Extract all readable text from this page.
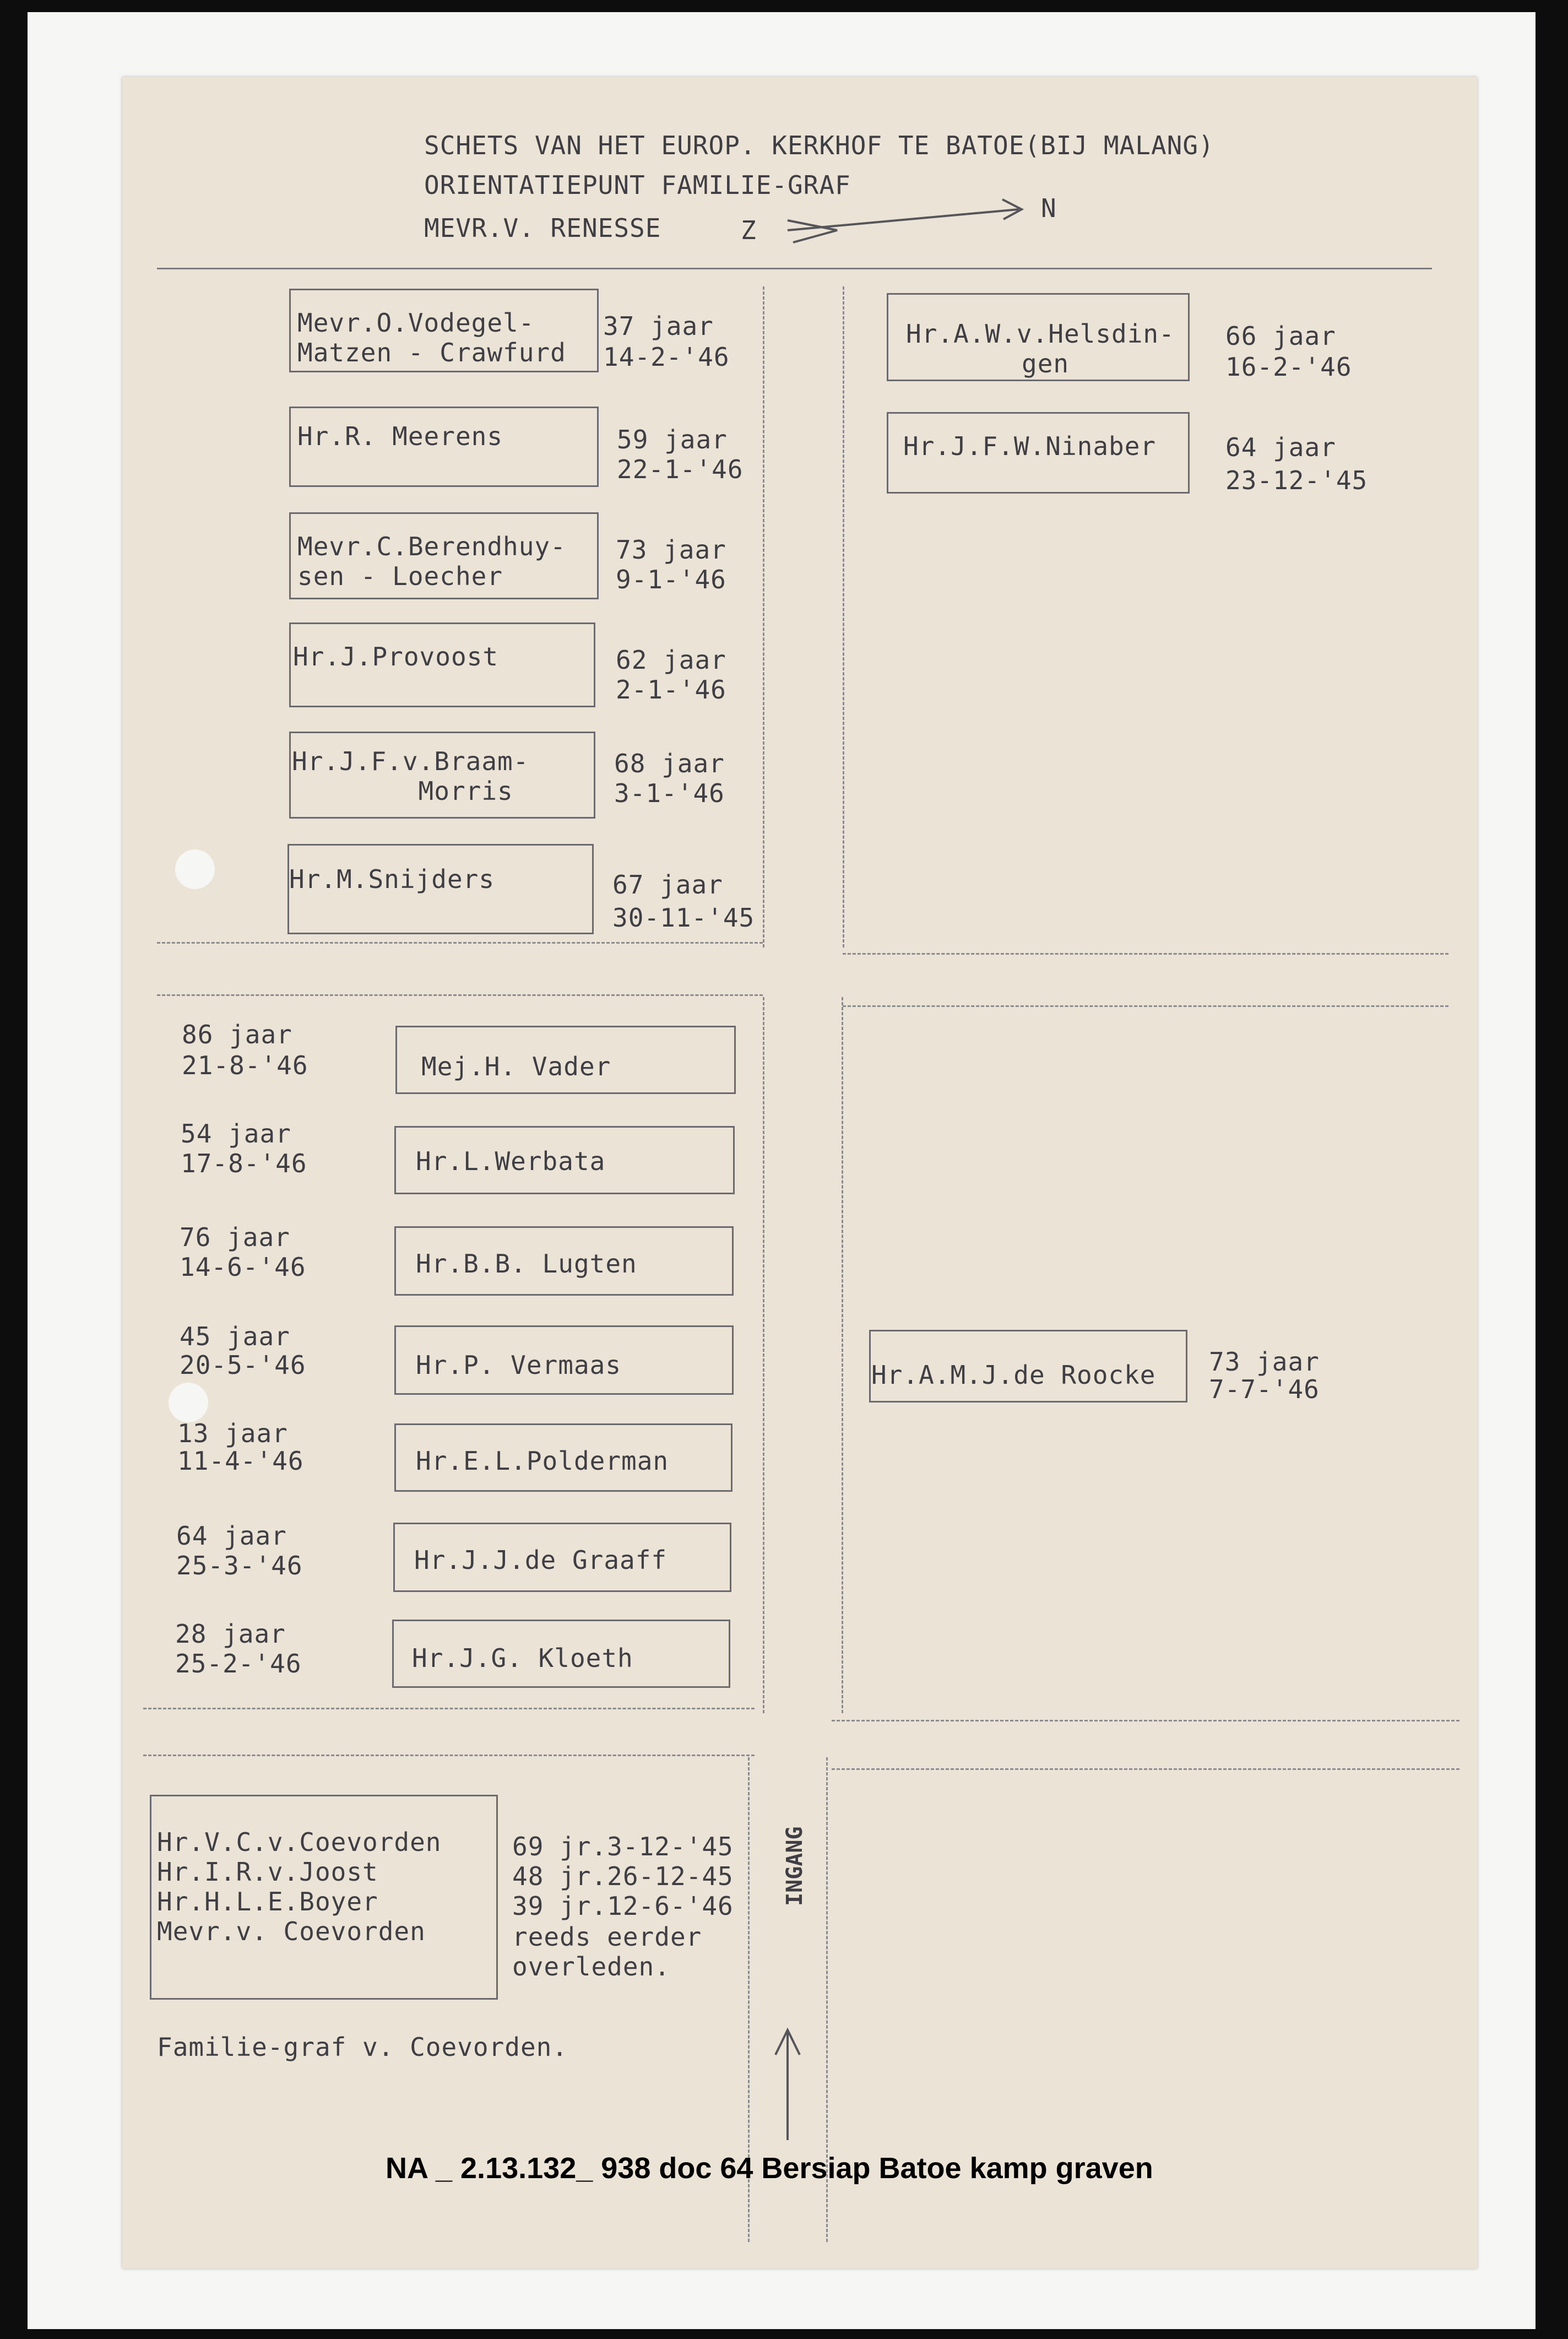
SCHETS VAN HET EUROP. KERKHOF TE BATOE(BIJ MALANG)
ORIENTATIEPUNT FAMILIE-GRAF
MEVR.V. RENESSE	Z
N
Mevr.O.Vodegel-
Matzen - Crawfurd
37 jaar
14-2-'46
Hr.R. Meerens	59 jaar
22-1-'46
Mevr.C.Berendhuy-
sen - Loecher
73 jaar
9-1-'46
Hr.J.Provoost	62 jaar
2-1-'46
Hr.J.F.v.Braam-
Morris
68 jaar
3-1-'46
Hr.M.Snijders	67 jaar
30-11-'45
Hr.A.W.v.Helsdin-
gen
66 jaar
16-2-'46
Hr.J.F.W.Ninaber	64 jaar
23-12-'45
86 jaar
21-8-'46	Mej.H. Vader
54 jaar
17-8-'46	Hr.L.Werbata
76 jaar
14-6-'46	Hr.B.B. Lugten
45 jaar
20-5-'46	Hr.P. Vermaas
13 jaar
11-4-'46	Hr.E.L.Polderman
64 jaar
25-3-'46	Hr.J.J.de Graaff
28 jaar
25-2-'46	Hr.J.G. Kloeth
Hr.A.M.J.de Roocke 73 jaar
7-7-'46
Hr.V.C.v.Coevorden
Hr.I.R.v.Joost
Hr.H.L.E.Boyer
Mevr.v. Coevorden
69 jr.3-12-'45
48 jr.26-12-45
39 jr.12-6-'46
reeds eerder
overleden.
Familie-graf v. Coevorden.
INGANG
NA _ 2.13.132_ 938 doc 64 Bersiap Batoe kamp graven
